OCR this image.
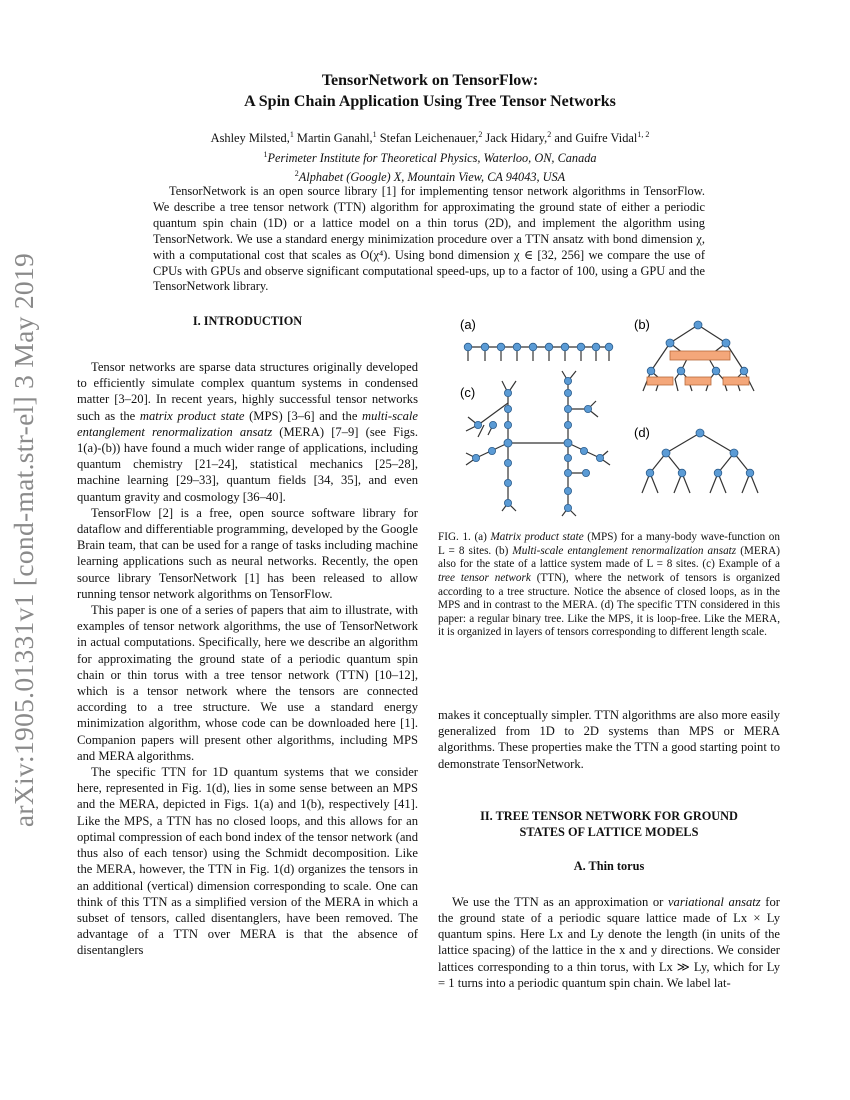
arXiv:1905.01331v1 [cond-mat.str-el] 3 May 2019
TensorNetwork on TensorFlow:
A Spin Chain Application Using Tree Tensor Networks
Ashley Milsted,$^1$ Martin Ganahl,$^1$ Stefan Leichenauer,$^2$ Jack Hidary,$^2$ and Guifre Vidal$^{1, 2}$
$^1$Perimeter Institute for Theoretical Physics, Waterloo, ON, Canada
$^2$Alphabet (Google) X, Mountain View, CA 94043, USA

TensorNetwork is an open source library [1] for implementing tensor network algorithms in TensorFlow. We describe a tree tensor network (TTN) algorithm for approximating the ground state of either a periodic quantum spin chain (1D) or a lattice model on a thin torus (2D), and implement the algorithm using TensorNetwork. We use a standard energy minimization procedure over a TTN ansatz with bond dimension χ, with a computational cost that scales as O(χ⁴). Using bond dimension χ ∈ [32, 256] we compare the use of CPUs with GPUs and observe significant computational speed-ups, up to a factor of 100, using a GPU and the TensorNetwork library.

I. INTRODUCTION

Tensor networks are sparse data structures originally developed to efficiently simulate complex quantum systems in condensed matter [3–20]. In recent years, highly successful tensor networks such as the matrix product state (MPS) [3–6] and the multi-scale entanglement renormalization ansatz (MERA) [7–9] (see Figs. 1(a)-(b)) have found a much wider range of applications, including quantum chemistry [21–24], statistical mechanics [25–28], machine learning [29–33], quantum fields [34, 35], and even quantum gravity and cosmology [36–40].

TensorFlow [2] is a free, open source software library for dataflow and differentiable programming, developed by the Google Brain team, that can be used for a range of tasks including machine learning applications such as neural networks. Recently, the open source library TensorNetwork [1] has been released to allow running tensor network algorithms on TensorFlow.

This paper is one of a series of papers that aim to illustrate, with examples of tensor network algorithms, the use of TensorNetwork in actual computations. Specifically, here we describe an algorithm for approximating the ground state of a periodic quantum spin chain or thin torus with a tree tensor network (TTN) [10–12], which is a tensor network where the tensors are connected according to a tree structure. We use a standard energy minimization algorithm, whose code can be downloaded here [1]. Companion papers will present other algorithms, including MPS and MERA algorithms.

The specific TTN for 1D quantum systems that we consider here, represented in Fig. 1(d), lies in some sense between an MPS and the MERA, depicted in Figs. 1(a) and 1(b), respectively [41]. Like the MPS, a TTN has no closed loops, and this allows for an optimal compression of each bond index of the tensor network (and thus also of each tensor) using the Schmidt decomposition. Like the MERA, however, the TTN in Fig. 1(d) organizes the tensors in an additional (vertical) dimension corresponding to scale. One can think of this TTN as a simplified version of the MERA in which a subset of tensors, called disentanglers, have been removed. The advantage of a TTN over MERA is that the absence of disentanglers

(a)	(b)
(c)
(d)
FIG. 1. (a) Matrix product state (MPS) for a many-body wave-function on L = 8 sites. (b) Multi-scale entanglement renormalization ansatz (MERA) also for the state of a lattice system made of L = 8 sites. (c) Example of a tree tensor network (TTN), where the network of tensors is organized according to a tree structure. Notice the absence of closed loops, as in the MPS and in contrast to the MERA. (d) The specific TTN considered in this paper: a regular binary tree. Like the MPS, it is loop-free. Like the MERA, it is organized in layers of tensors corresponding to different length scale.

makes it conceptually simpler. TTN algorithms are also more easily generalized from 1D to 2D systems than MPS or MERA algorithms. These properties make the TTN a good starting point to demonstrate TensorNetwork.

II. TREE TENSOR NETWORK FOR GROUND
STATES OF LATTICE MODELS
A. Thin torus

We use the TTN as an approximation or variational ansatz for the ground state of a periodic square lattice made of Lx × Ly quantum spins. Here Lx and Ly denote the length (in units of the lattice spacing) of the lattice in the x and y directions. We consider lattices corresponding to a thin torus, with Lx ≫ Ly, which for Ly = 1 turns into a periodic quantum spin chain. We label lat-
